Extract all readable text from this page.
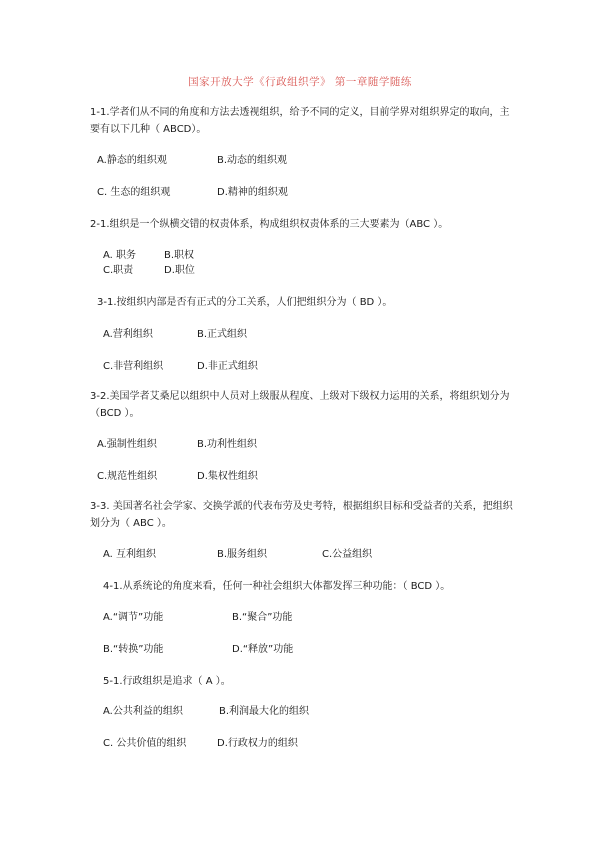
国家开放大学《行政组织学》 第一章随学随练
1-1.学者们从不同的角度和方法去透视组织，给予不同的定义，目前学界对组织界定的取向，主要有以下几种（ ABCD）。
A.静态的组织观	B.动态的组织观
C. 生态的组织观	D.精神的组织观
2-1.组织是一个纵横交错的权责体系，构成组织权责体系的三大要素为（ABC ）。
A. 职务	B.职权
C.职责	D.职位
3-1.按组织内部是否有正式的分工关系，人们把组织分为（ BD ）。
A.营利组织	B.正式组织
C.非营利组织	D.非正式组织
3-2.美国学者艾桑尼以组织中人员对上级服从程度、上级对下级权力运用的关系，将组织划分为（BCD ）。
A.强制性组织	B.功利性组织
C.规范性组织	D.集权性组织
3-3. 美国著名社会学家、交换学派的代表布劳及史考特，根据组织目标和受益者的关系，把组织划分为（ ABC ）。
A. 互利组织	B.服务组织	C.公益组织
4-1.从系统论的角度来看，任何一种社会组织大体都发挥三种功能：（ BCD ）。
A.“调节”功能	B.“聚合”功能
B.“转换”功能	D.“释放”功能
5-1.行政组织是追求（ A ）。
A.公共利益的组织	B.利润最大化的组织
C. 公共价值的组织	D.行政权力的组织
